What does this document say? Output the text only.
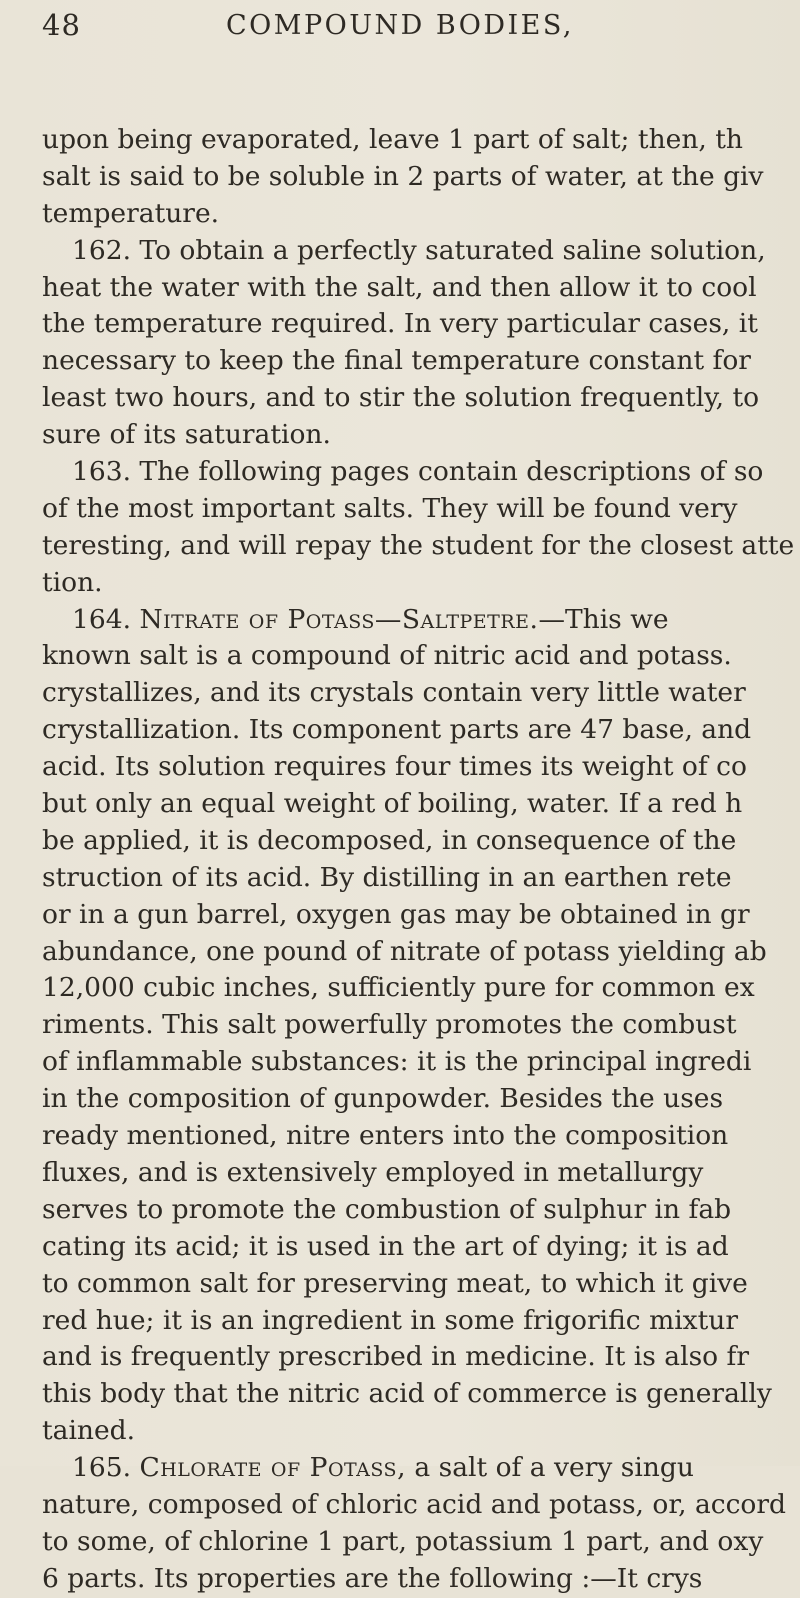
48	COMPOUND BODIES,
upon being evaporated, leave 1 part of salt; then, th
salt is said to be soluble in 2 parts of water, at the giv
temperature.
162. To obtain a perfectly saturated saline solution,
heat the water with the salt, and then allow it to cool
the temperature required. In very particular cases, it
necessary to keep the final temperature constant for
least two hours, and to stir the solution frequently, to
sure of its saturation.
163. The following pages contain descriptions of so
of the most important salts. They will be found very
teresting, and will repay the student for the closest atte
tion.
164. Nitrate of Potass—Saltpetre.—This we
known salt is a compound of nitric acid and potass.
crystallizes, and its crystals contain very little water
crystallization. Its component parts are 47 base, and
acid. Its solution requires four times its weight of co
but only an equal weight of boiling, water. If a red h
be applied, it is decomposed, in consequence of the
struction of its acid. By distilling in an earthen rete
or in a gun barrel, oxygen gas may be obtained in gr
abundance, one pound of nitrate of potass yielding ab
12,000 cubic inches, sufficiently pure for common ex
riments. This salt powerfully promotes the combust
of inflammable substances: it is the principal ingredi
in the composition of gunpowder. Besides the uses
ready mentioned, nitre enters into the composition
fluxes, and is extensively employed in metallurgy
serves to promote the combustion of sulphur in fab
cating its acid; it is used in the art of dying; it is ad
to common salt for preserving meat, to which it give
red hue; it is an ingredient in some frigorific mixtur
and is frequently prescribed in medicine. It is also fr
this body that the nitric acid of commerce is generally
tained.
165. Chlorate of Potass, a salt of a very singu
nature, composed of chloric acid and potass, or, accord
to some, of chlorine 1 part, potassium 1 part, and oxy
6 parts. Its properties are the following :—It crys
